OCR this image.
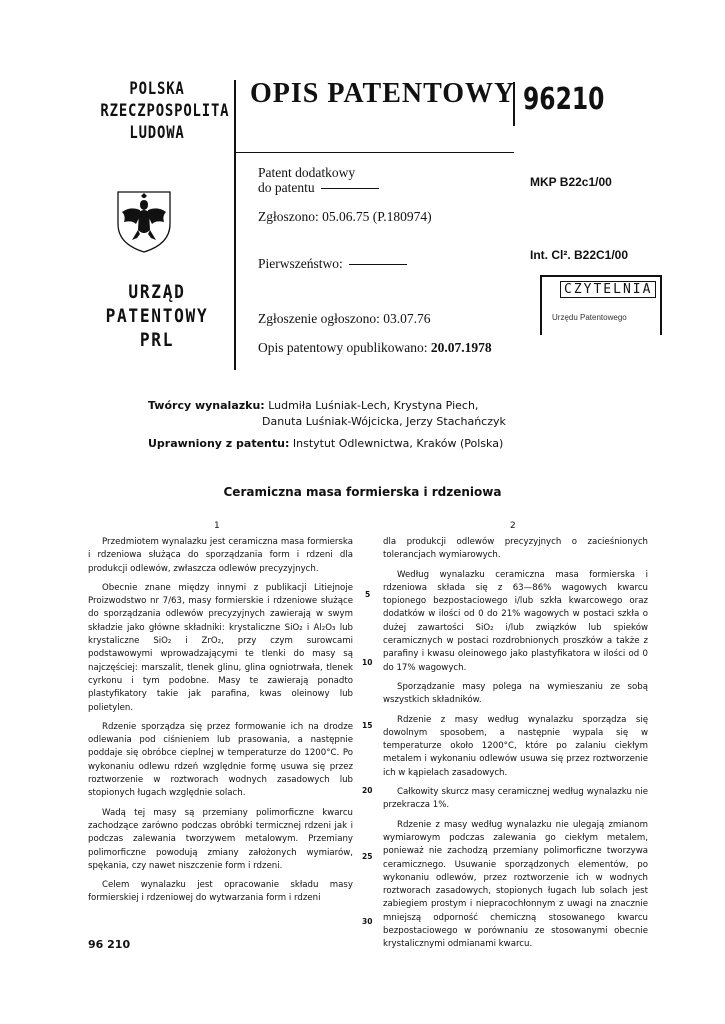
POLSKA
RZECZPOSPOLITA
LUDOWA
URZĄD
PATENTOWY
PRL
OPIS PATENTOWY 96210
Patent dodatkowy
do patentu
Zgłoszono: 05.06.75 (P.180974)
Pierwszeństwo:
Zgłoszenie ogłoszono: 03.07.76
Opis patentowy opublikowano: 20.07.1978
MKP B22c1/00
Int. Cl². B22C1/00
CZYTELNIA
Urzędu Patentowego
Twórcy wynalazku: Ludmiła Luśniak-Lech, Krystyna Piech,
Danuta Luśniak-Wójcicka, Jerzy Stachańczyk
Uprawniony z patentu: Instytut Odlewnictwa, Kraków (Polska)
Ceramiczna masa formierska i rdzeniowa
1	2

Przedmiotem wynalazku jest ceramiczna masa formierska i rdzeniowa służąca do sporządzania form i rdzeni dla produkcji odlewów, zwłaszcza odlewów precyzyjnych.

Obecnie znane między innymi z publikacji Litiejnoje Proizwodstwo nr 7/63, masy formierskie i rdzeniowe służące do sporządzania odlewów precyzyjnych zawierają w swym składzie jako główne składniki: krystaliczne SiO₂ i Al₂O₃ lub krystaliczne SiO₂ i ZrO₂, przy czym surowcami podstawowymi wprowadzającymi te tlenki do masy są najczęściej: marszalit, tlenek glinu, glina ogniotrwała, tlenek cyrkonu i tym podobne. Masy te zawierają ponadto plastyfikatory takie jak parafina, kwas oleinowy lub polietylen.

Rdzenie sporządza się przez formowanie ich na drodze odlewania pod ciśnieniem lub prasowania, a następnie poddaje się obróbce cieplnej w temperaturze do 1200°C. Po wykonaniu odlewu rdzeń względnie formę usuwa się przez roztworzenie w roztworach wodnych zasadowych lub stopionych ługach względnie solach.

Wadą tej masy są przemiany polimorficzne kwarcu zachodzące zarówno podczas obróbki termicznej rdzeni jak i podczas zalewania tworzywem metalowym. Przemiany polimorficzne powodują zmiany założonych wymiarów, spękania, czy nawet niszczenie form i rdzeni.

Celem wynalazku jest opracowanie składu masy formierskiej i rdzeniowej do wytwarzania form i rdzeni

5
10
15
20
25
30

dla produkcji odlewów precyzyjnych o zacieśnionych tolerancjach wymiarowych.

Według wynalazku ceramiczna masa formierska i rdzeniowa składa się z 63—86% wagowych kwarcu topionego bezpostaciowego i/lub szkła kwarcowego oraz dodatków w ilości od 0 do 21% wagowych w postaci szkła o dużej zawartości SiO₂ i/lub związków lub spieków ceramicznych w postaci rozdrobnionych proszków a także z parafiny i kwasu oleinowego jako plastyfikatora w ilości od 0 do 17% wagowych.

Sporządzanie masy polega na wymieszaniu ze sobą wszystkich składników.

Rdzenie z masy według wynalazku sporządza się dowolnym sposobem, a następnie wypala się w temperaturze około 1200°C, które po zalaniu ciekłym metalem i wykonaniu odlewów usuwa się przez roztworzenie ich w kąpielach zasadowych.

Całkowity skurcz masy ceramicznej według wynalazku nie przekracza 1%.

Rdzenie z masy według wynalazku nie ulegają zmianom wymiarowym podczas zalewania go ciekłym metalem, ponieważ nie zachodzą przemiany polimorficzne tworzywa ceramicznego. Usuwanie sporządzonych elementów, po wykonaniu odlewów, przez roztworzenie ich w wodnych roztworach zasadowych, stopionych ługach lub solach jest zabiegiem prostym i niepracochłonnym z uwagi na znacznie mniejszą odporność chemiczną stosowanego kwarcu bezpostaciowego w porównaniu ze stosowanymi obecnie krystalicznymi odmianami kwarcu.

96 210
